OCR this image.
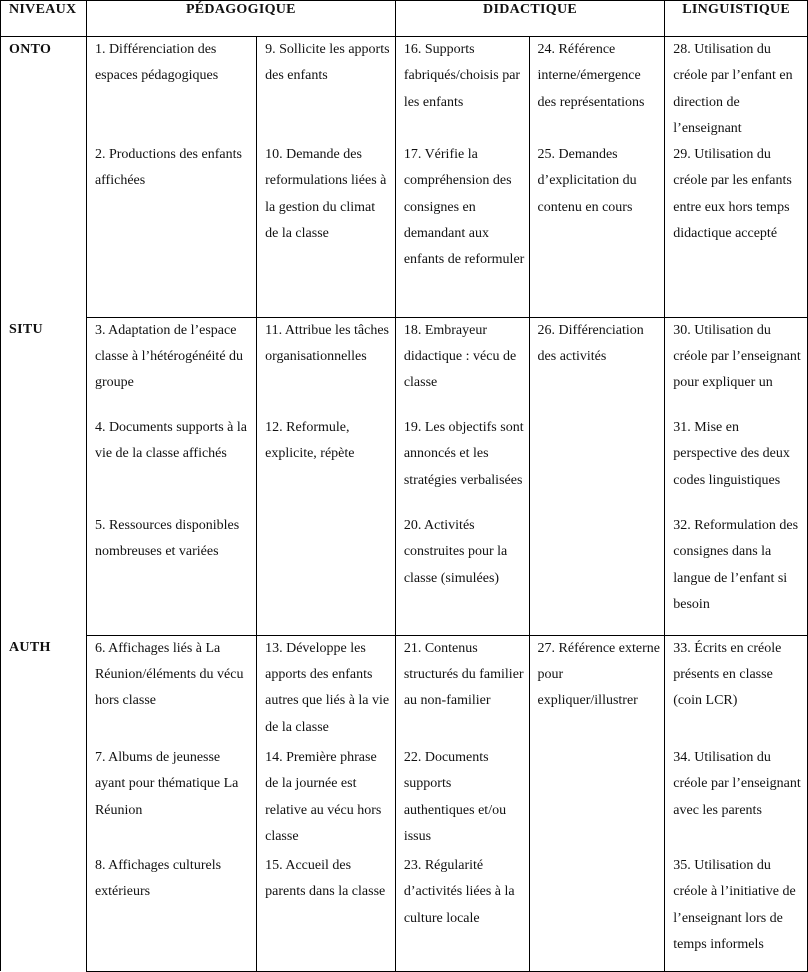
NIVEAUX	PÉDAGOGIQUE		DIDACTIQUE		LINGUISTIQUE
ONTO	1. Différenciation des espaces pédagogiques	9. Sollicite les apports des enfants	16. Supports fabriqués/choisis par les enfants	24. Référence interne/émergence des représentations	28. Utilisation du créole par l’enfant en direction de l’enseignant
	2. Productions des enfants affichées	10. Demande des reformulations liées à la gestion du climat de la classe	17. Vérifie la compréhension des consignes en demandant aux enfants de reformuler	25. Demandes d’explicitation du contenu en cours	29. Utilisation du créole par les enfants entre eux hors temps didactique accepté
SITU	3. Adaptation de l’espace classe à l’hétérogénéité du groupe	11. Attribue les tâches organisationnelles	18. Embrayeur didactique : vécu de classe	26. Différenciation des activités	30. Utilisation du créole par l’enseignant pour expliquer un
	4. Documents supports à la vie de la classe affichés	12. Reformule, explicite, répète	19. Les objectifs sont annoncés et les stratégies verbalisées		31. Mise en perspective des deux codes linguistiques
	5. Ressources disponibles nombreuses et variées		20. Activités construites pour la classe (simulées)		32. Reformulation des consignes dans la langue de l’enfant si besoin
AUTH	6. Affichages liés à La Réunion/éléments du vécu hors classe	13. Développe les apports des enfants autres que liés à la vie de la classe	21. Contenus structurés du familier au non-familier	27. Référence externe pour expliquer/illustrer	33. Écrits en créole présents en classe (coin LCR)
	7. Albums de jeunesse ayant pour thématique La Réunion	14. Première phrase de la journée est relative au vécu hors classe	22. Documents supports authentiques et/ou issus		34. Utilisation du créole par l’enseignant avec les parents
	8. Affichages culturels extérieurs	15. Accueil des parents dans la classe	23. Régularité d’activités liées à la culture locale		35. Utilisation du créole à l’initiative de l’enseignant lors de temps informels
